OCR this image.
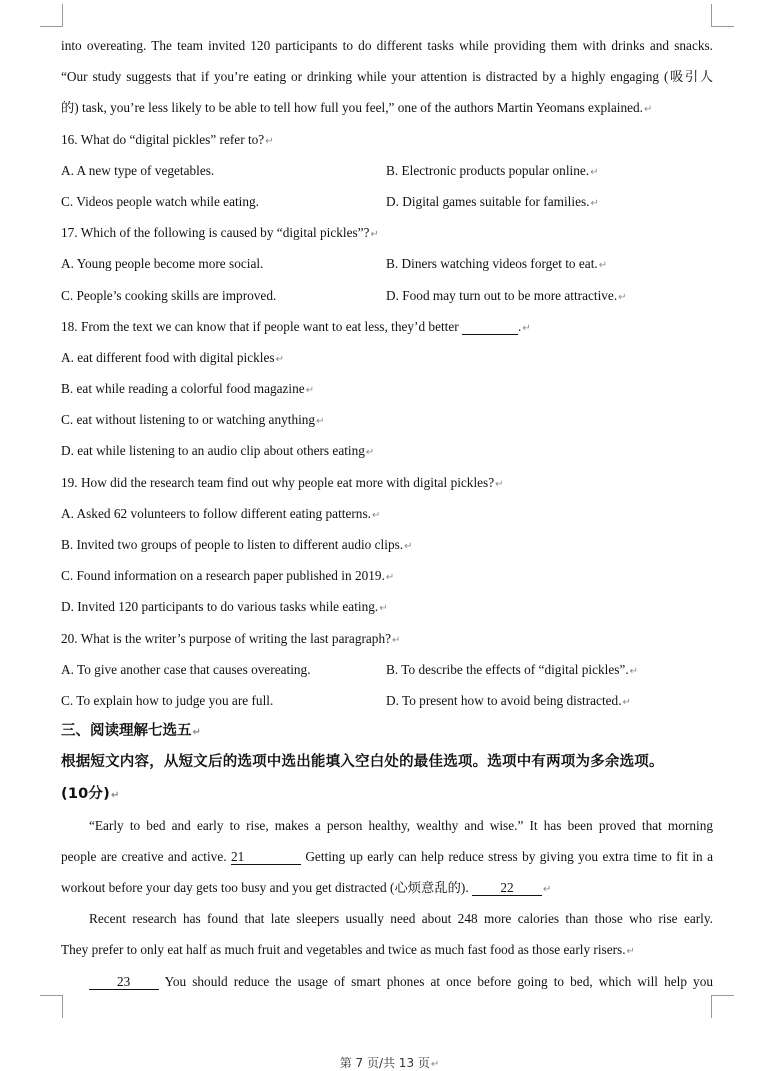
into overeating. The team invited 120 participants to do different tasks while providing them with drinks and snacks.
“Our study suggests that if you’re eating or drinking while your attention is distracted by a highly engaging (吸引人
的) task, you’re less likely to be able to tell how full you feel,” one of the authors Martin Yeomans explained.↵
16. What do “digital pickles” refer to?↵
A. A new type of vegetables.	B. Electronic products popular online.↵
C. Videos people watch while eating.	D. Digital games suitable for families.↵
17. Which of the following is caused by “digital pickles”?↵
A. Young people become more social.	B. Diners watching videos forget to eat.↵
C. People’s cooking skills are improved.	D. Food may turn out to be more attractive.↵
18. From the text we can know that if people want to eat less, they’d better	.↵
A. eat different food with digital pickles↵
B. eat while reading a colorful food magazine↵
C. eat without listening to or watching anything↵
D. eat while listening to an audio clip about others eating↵
19. How did the research team find out why people eat more with digital pickles?↵
A. Asked 62 volunteers to follow different eating patterns.↵
B. Invited two groups of people to listen to different audio clips.↵
C. Found information on a research paper published in 2019.↵
D. Invited 120 participants to do various tasks while eating.↵
20. What is the writer’s purpose of writing the last paragraph?↵
A. To give another case that causes overeating.	B. To describe the effects of “digital pickles”.↵
C. To explain how to judge you are full.	D. To present how to avoid being distracted.↵
三、阅读理解七选五↵
根据短文内容，从短文后的选项中选出能填入空白处的最佳选项。选项中有两项为多余选项。
(10分)↵
“Early to bed and early to rise, makes a person healthy, wealthy and wise.” It has been proved that morning
people are creative and active. 21	Getting up early can help reduce stress by giving you extra time to fit in a
workout before your day gets too busy and you get distracted (心烦意乱的). 22	↵
Recent research has found that late sleepers usually need about 248 more calories than those who rise early.
They prefer to only eat half as much fruit and vegetables and twice as much fast food as those early risers.↵
23 You should reduce the usage of smart phones at once before going to bed, which will help you
第 7 页/共 13 页↵
